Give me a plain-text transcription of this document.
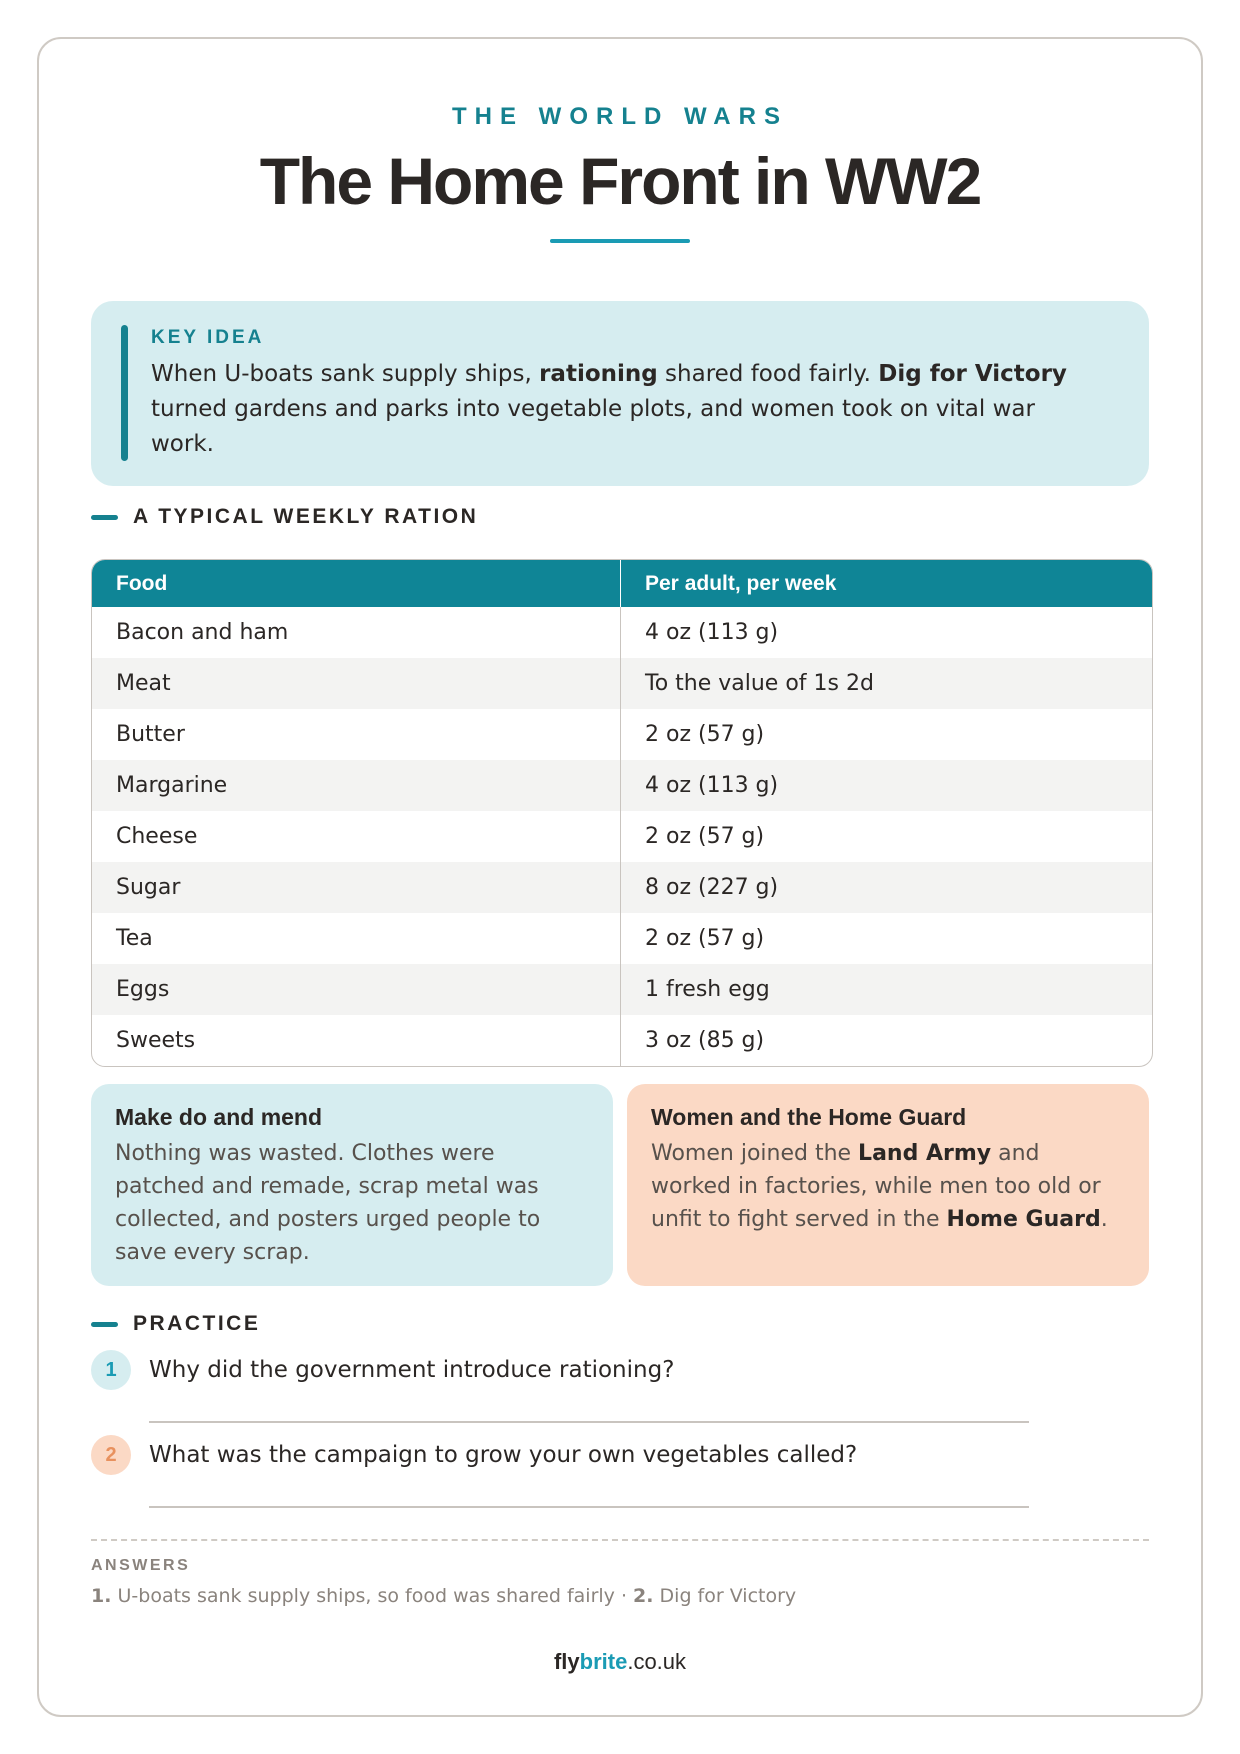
THE WORLD WARS
The Home Front in WW2
KEY IDEA
When U-boats sank supply ships, rationing shared food fairly. Dig for Victory turned gardens and parks into vegetable plots, and women took on vital war work.
A TYPICAL WEEKLY RATION
Food	Per adult, per week
Bacon and ham	4 oz (113 g)
Meat	To the value of 1s 2d
Butter	2 oz (57 g)
Margarine	4 oz (113 g)
Cheese	2 oz (57 g)
Sugar	8 oz (227 g)
Tea	2 oz (57 g)
Eggs	1 fresh egg
Sweets	3 oz (85 g)
Make do and mend
Nothing was wasted. Clothes were patched and remade, scrap metal was collected, and posters urged people to save every scrap.
Women and the Home Guard
Women joined the Land Army and worked in factories, while men too old or unfit to fight served in the Home Guard.
PRACTICE
1	Why did the government introduce rationing?
2	What was the campaign to grow your own vegetables called?
ANSWERS
1. U-boats sank supply ships, so food was shared fairly · 2. Dig for Victory
flybrite.co.uk
